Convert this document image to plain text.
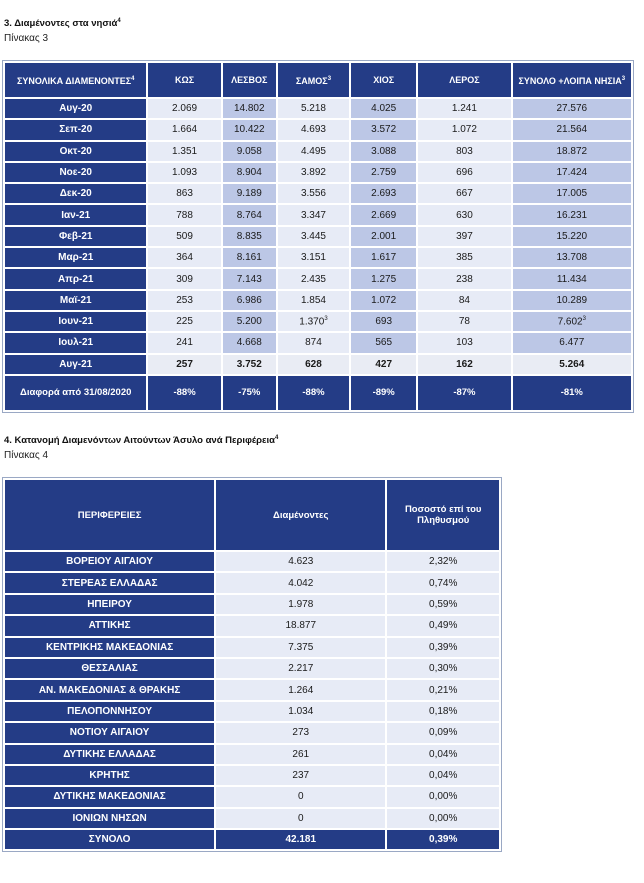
3. Διαμένοντες στα νησιά$^4$
Πίνακας 3
ΣΥΝΟΛΙΚΑ ΔΙΑΜΕΝΟΝΤΕΣ$^4$	ΚΩΣ	ΛΕΣΒΟΣ	ΣΑΜΟΣ$^3$	ΧΙΟΣ	ΛΕΡΟΣ	ΣΥΝΟΛΟ +ΛΟΙΠΑ ΝΗΣΙΑ$^3$
Αυγ-20	2.069	14.802	5.218	4.025	1.241	27.576
Σεπ-20	1.664	10.422	4.693	3.572	1.072	21.564
Οκτ-20	1.351	9.058	4.495	3.088	803	18.872
Νοε-20	1.093	8.904	3.892	2.759	696	17.424
Δεκ-20	863	9.189	3.556	2.693	667	17.005
Ιαν-21	788	8.764	3.347	2.669	630	16.231
Φεβ-21	509	8.835	3.445	2.001	397	15.220
Μαρ-21	364	8.161	3.151	1.617	385	13.708
Απρ-21	309	7.143	2.435	1.275	238	11.434
Μαϊ-21	253	6.986	1.854	1.072	84	10.289
Ιουν-21	225	5.200	1.370$^3$	693	78	7.602$^3$
Ιουλ-21	241	4.668	874	565	103	6.477
Αυγ-21	257	3.752	628	427	162	5.264
Διαφορά από 31/08/2020	-88%	-75%	-88%	-89%	-87%	-81%
4. Κατανομή Διαμενόντων Αιτούντων Άσυλο ανά Περιφέρεια$^4$
Πίνακας 4
ΠΕΡΙΦΕΡΕΙΕΣ	Διαμένοντες	Ποσοστό επί του Πληθυσμού
ΒΟΡΕΙΟΥ ΑΙΓΑΙΟΥ	4.623	2,32%
ΣΤΕΡΕΑΣ ΕΛΛΑΔΑΣ	4.042	0,74%
ΗΠΕΙΡΟΥ	1.978	0,59%
ΑΤΤΙΚΗΣ	18.877	0,49%
ΚΕΝΤΡΙΚΗΣ ΜΑΚΕΔΟΝΙΑΣ	7.375	0,39%
ΘΕΣΣΑΛΙΑΣ	2.217	0,30%
ΑΝ. ΜΑΚΕΔΟΝΙΑΣ & ΘΡΑΚΗΣ	1.264	0,21%
ΠΕΛΟΠΟΝΝΗΣΟΥ	1.034	0,18%
ΝΟΤΙΟΥ ΑΙΓΑΙΟΥ	273	0,09%
ΔΥΤΙΚΗΣ ΕΛΛΑΔΑΣ	261	0,04%
ΚΡΗΤΗΣ	237	0,04%
ΔΥΤΙΚΗΣ ΜΑΚΕΔΟΝΙΑΣ	0	0,00%
ΙΟΝΙΩΝ ΝΗΣΩΝ	0	0,00%
ΣΥΝΟΛΟ	42.181	0,39%
